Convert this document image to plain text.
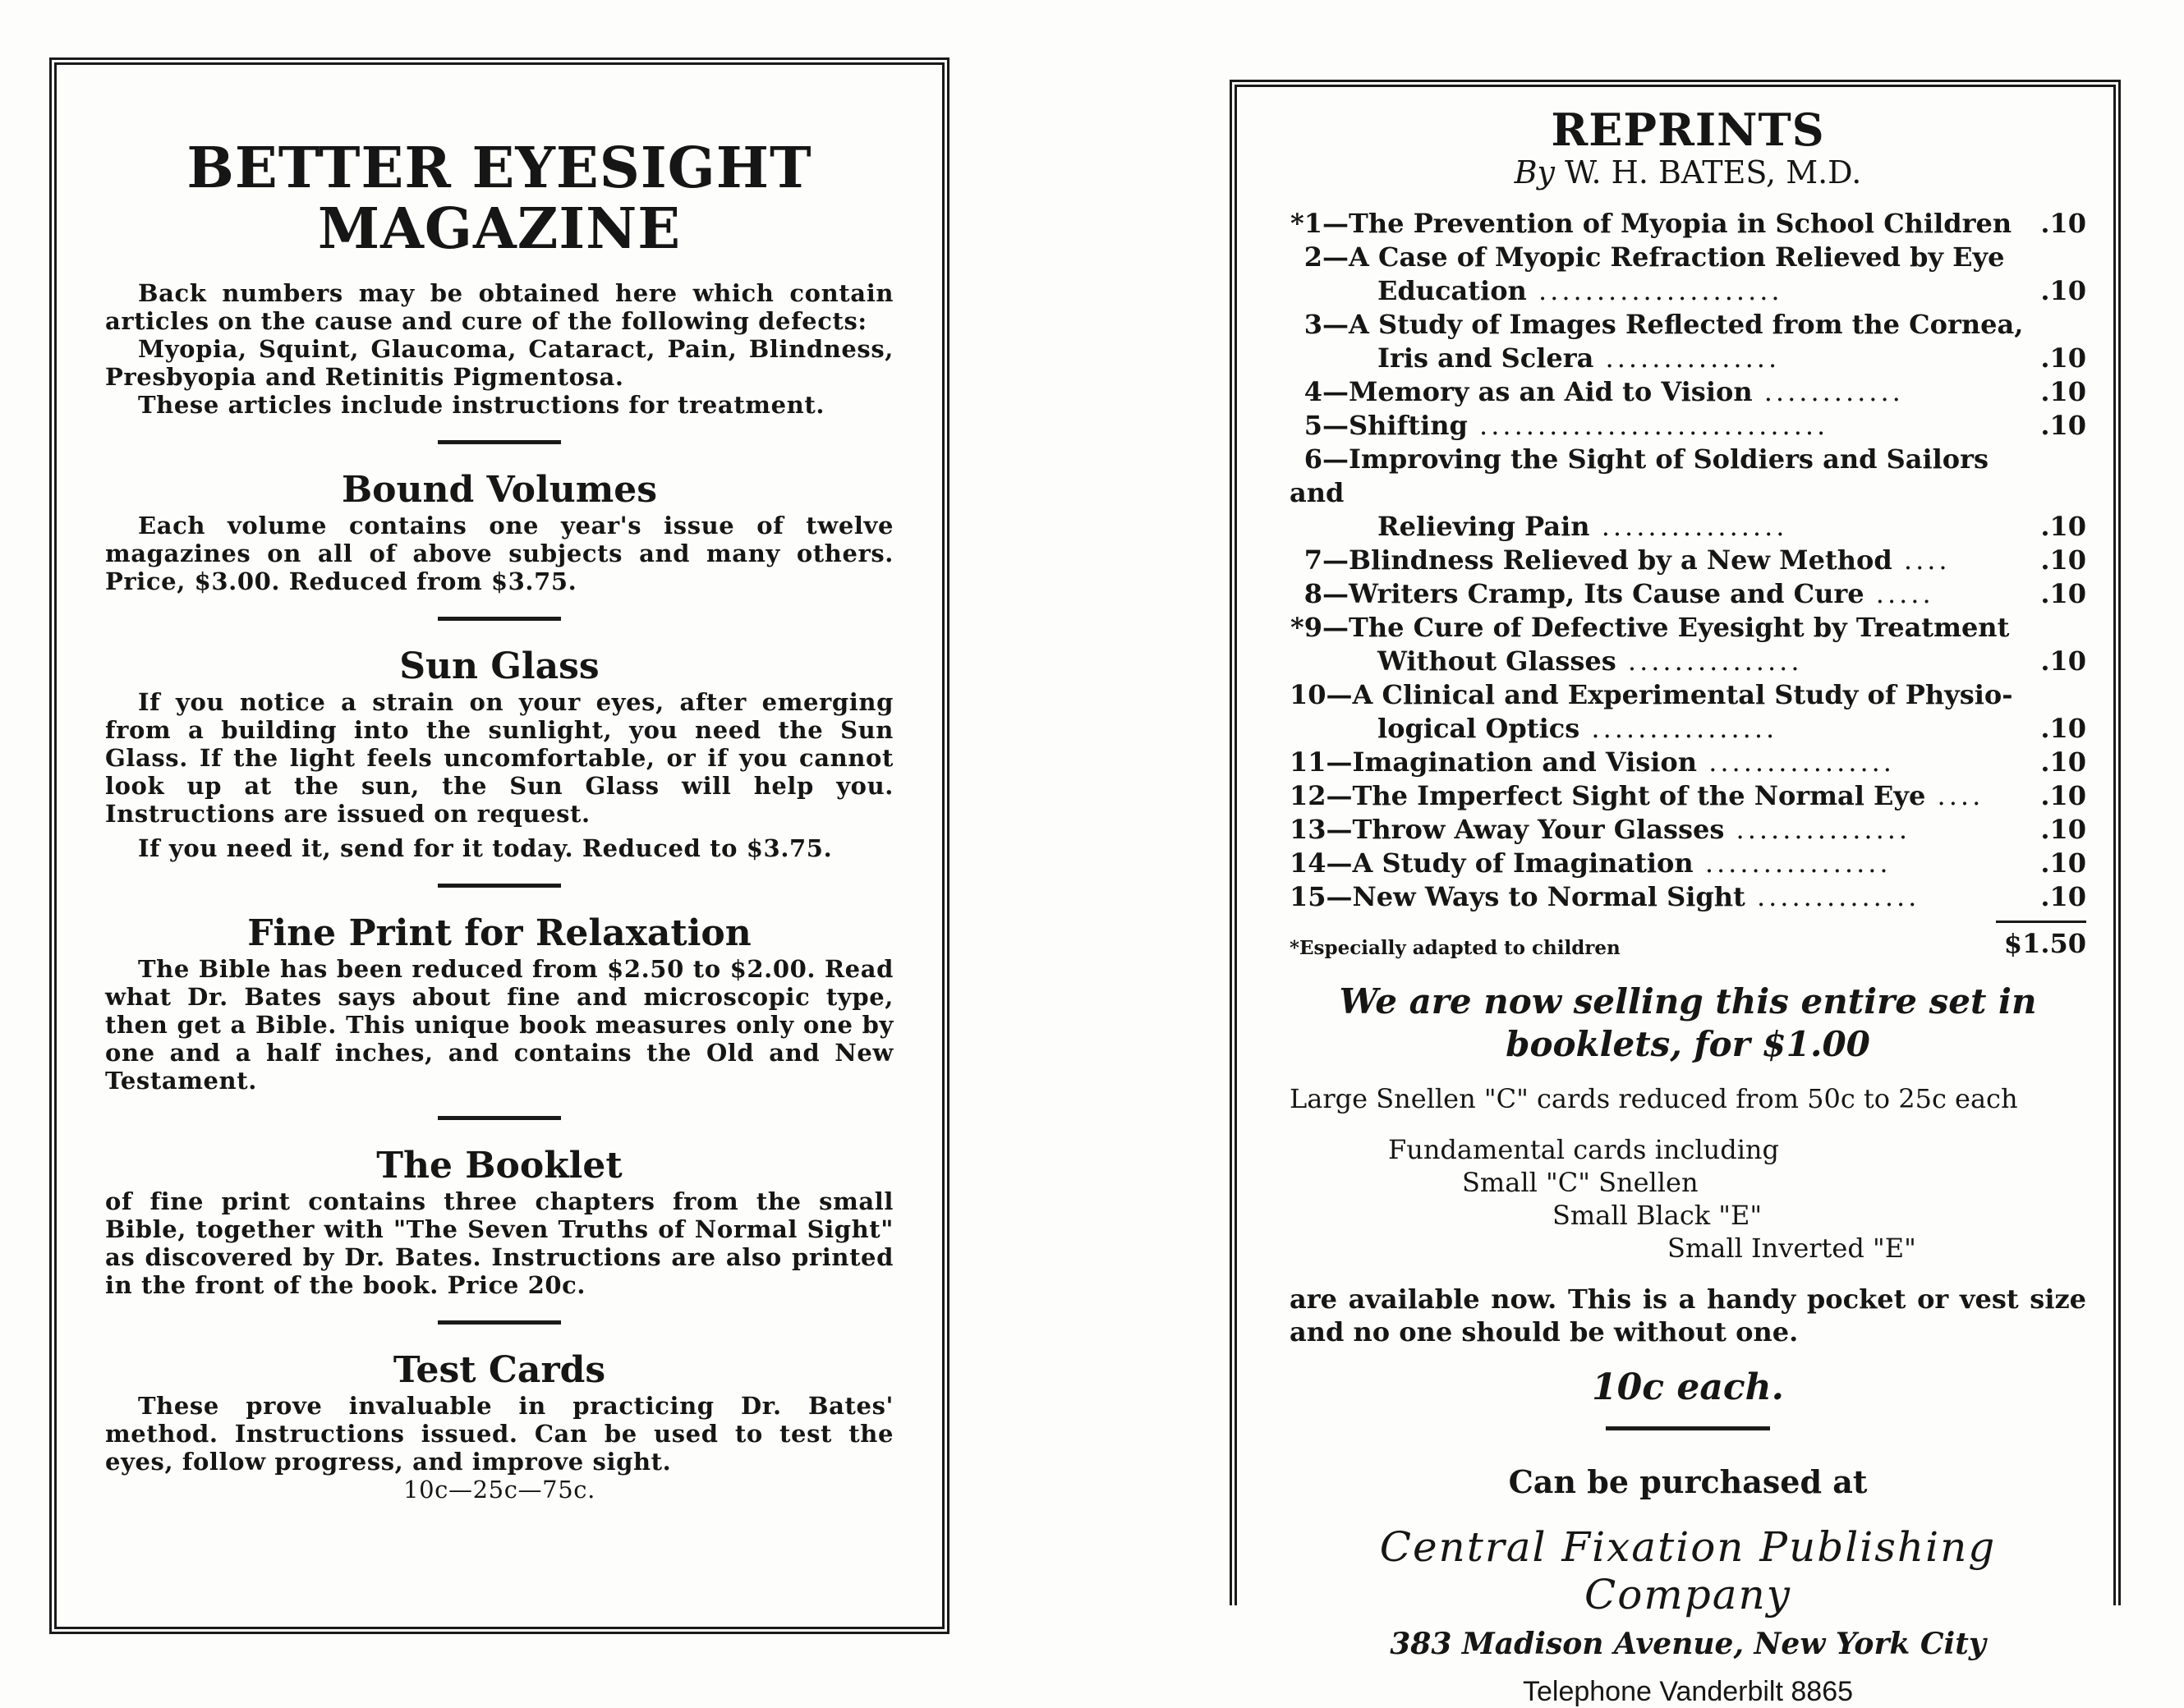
BETTER EYESIGHT
MAGAZINE

Back numbers may be obtained here which contain articles on the cause and cure of the following defects:

Myopia, Squint, Glaucoma, Cataract, Pain, Blindness, Presbyopia and Retinitis Pigmentosa.

These articles include instructions for treatment.

Bound Volumes

Each volume contains one year's issue of twelve magazines on all of above subjects and many others. Price, $3.00. Reduced from $3.75.

Sun Glass

If you notice a strain on your eyes, after emerging from a building into the sunlight, you need the Sun Glass. If the light feels uncomfortable, or if you cannot look up at the sun, the Sun Glass will help you. Instructions are issued on request.

If you need it, send for it today. Reduced to $3.75.

Fine Print for Relaxation

The Bible has been reduced from $2.50 to $2.00. Read what Dr. Bates says about fine and microscopic type, then get a Bible. This unique book measures only one by one and a half inches, and contains the Old and New Testament.

The Booklet

of fine print contains three chapters from the small Bible, together with "The Seven Truths of Normal Sight" as discovered by Dr. Bates. Instructions are also printed in the front of the book. Price 20c.

Test Cards

These prove invaluable in practicing Dr. Bates' method. Instructions issued. Can be used to test the eyes, follow progress, and improve sight.

10c—25c—75c.

REPRINTS

By W. H. BATES, M.D.

*1—The Prevention of Myopia in School Children	.10
2—A Case of Myopic Refraction Relieved by Eye
Education .....................	.10
3—A Study of Images Reflected from the Cornea,
Iris and Sclera ...............	.10
4—Memory as an Aid to Vision ............	.10
5—Shifting ..............................	.10
6—Improving the Sight of Soldiers and Sailors and
Relieving Pain ................	.10
7—Blindness Relieved by a New Method ....	.10
8—Writers Cramp, Its Cause and Cure .....	.10
*9—The Cure of Defective Eyesight by Treatment
Without Glasses ...............	.10
10—A Clinical and Experimental Study of Physio-
logical Optics ................	.10
11—Imagination and Vision ................	.10
12—The Imperfect Sight of the Normal Eye ....	.10
13—Throw Away Your Glasses ...............	.10
14—A Study of Imagination ................	.10
15—New Ways to Normal Sight ..............	.10
*Especially adapted to children	$1.50

We are now selling this entire set in
booklets, for $1.00

Large Snellen "C" cards reduced from 50c to 25c each

Fundamental cards including
Small "C" Snellen
Small Black "E"
Small Inverted "E"

are available now. This is a handy pocket or vest size and no one should be without one.

10c each.

Can be purchased at

Central Fixation Publishing Company

383 Madison Avenue, New York City

Telephone Vanderbilt 8865
